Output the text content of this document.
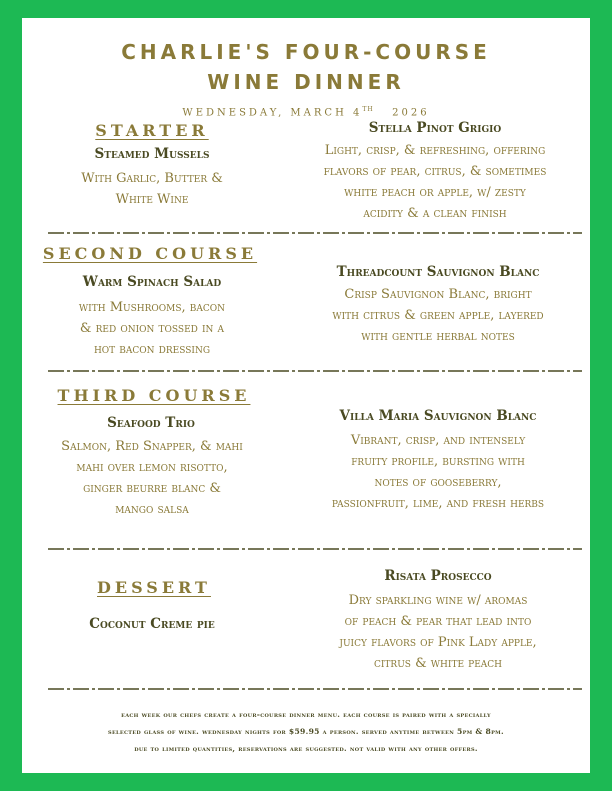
CHARLIE'S FOUR-COURSE
WINE DINNER
WEDNESDAY, MARCH 4TH 2026
STARTER
Steamed Mussels
With Garlic, Butter &
White Wine
Stella Pinot Grigio
Light, crisp, & refreshing, offering
flavors of pear, citrus, & sometimes
white peach or apple, w/ zesty
acidity & a clean finish
SECOND COURSE
Warm Spinach Salad
with Mushrooms, bacon
& red onion tossed in a
hot bacon dressing
Threadcount Sauvignon Blanc
Crisp Sauvignon Blanc, bright
with citrus & green apple, layered
with gentle herbal notes
THIRD COURSE
Seafood Trio
Salmon, Red Snapper, & mahi
mahi over lemon risotto,
ginger beurre blanc &
mango salsa
Villa Maria Sauvignon Blanc
Vibrant, crisp, and intensely
fruity profile, bursting with
notes of gooseberry,
passionfruit, lime, and fresh herbs
DESSERT
Coconut Creme pie
Risata Prosecco
Dry sparkling wine w/ aromas
of peach & pear that lead into
juicy flavors of Pink Lady apple,
citrus & white peach
each week our chefs create a four-course dinner menu. each course is paired with a specially
selected glass of wine. wednesday nights for $59.95 a person. served anytime between 5pm & 8pm.
due to limited quantities, reservations are suggested. not valid with any other offers.
